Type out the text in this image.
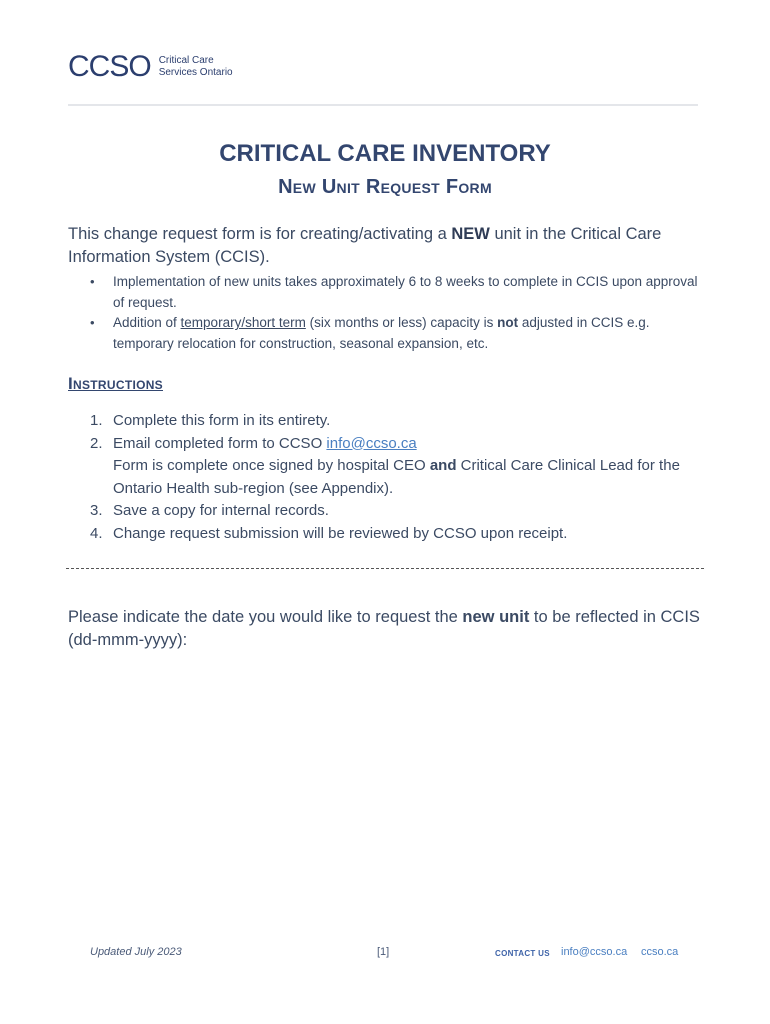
CCSO Critical Care
Services Ontario
CRITICAL CARE INVENTORY
New Unit Request Form
This change request form is for creating/activating a NEW unit in the Critical Care Information System (CCIS).
• Implementation of new units takes approximately 6 to 8 weeks to complete in CCIS upon approval of request.
• Addition of temporary/short term (six months or less) capacity is not adjusted in CCIS e.g. temporary relocation for construction, seasonal expansion, etc.
Instructions
1. Complete this form in its entirety.
2. Email completed form to CCSO info@ccso.ca
Form is complete once signed by hospital CEO and Critical Care Clinical Lead for the Ontario Health sub-region (see Appendix).
3. Save a copy for internal records.
4. Change request submission will be reviewed by CCSO upon receipt.
Please indicate the date you would like to request the new unit to be reflected in CCIS (dd-mmm-yyyy):
Updated July 2023	[1]	CONTACT US info@ccso.ca ccso.ca
